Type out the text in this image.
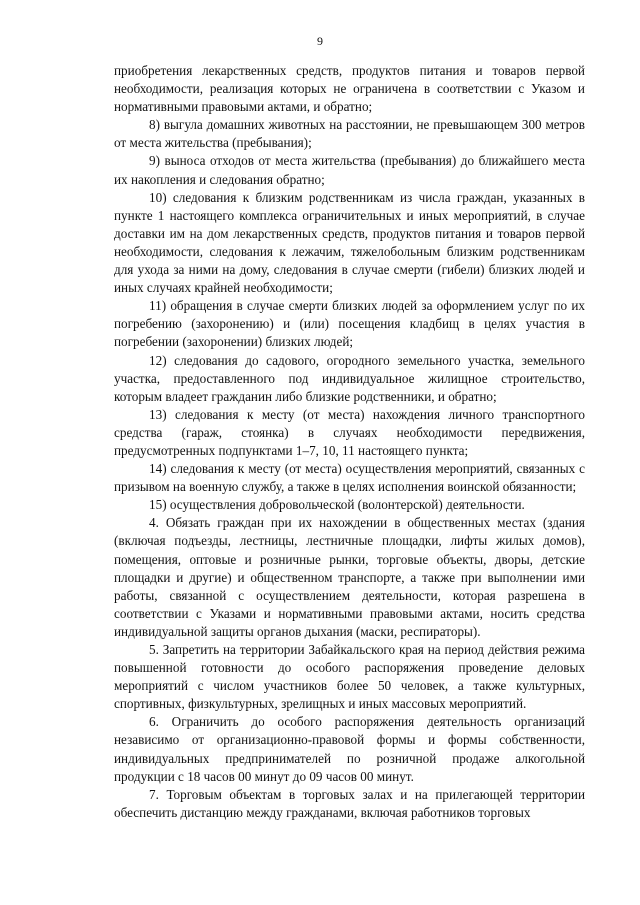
9

приобретения лекарственных средств, продуктов питания и товаров первой необходимости, реализация которых не ограничена в соответствии с Указом и нормативными правовыми актами, и обратно;

8) выгула домашних животных на расстоянии, не превышающем 300 метров от места жительства (пребывания);

9) выноса отходов от места жительства (пребывания) до ближайшего места их накопления и следования обратно;

10) следования к близким родственникам из числа граждан, указанных в пункте 1 настоящего комплекса ограничительных и иных мероприятий, в случае доставки им на дом лекарственных средств, продуктов питания и товаров первой необходимости, следования к лежачим, тяжелобольным близким родственникам для ухода за ними на дому, следования в случае смерти (гибели) близких людей и иных случаях крайней необходимости;

11) обращения в случае смерти близких людей за оформлением услуг по их погребению (захоронению) и (или) посещения кладбищ в целях участия в погребении (захоронении) близких людей;

12) следования до садового, огородного земельного участка, земельного участка, предоставленного под индивидуальное жилищное строительство, которым владеет гражданин либо близкие родственники, и обратно;

13) следования к месту (от места) нахождения личного транспортного средства (гараж, стоянка) в случаях необходимости передвижения, предусмотренных подпунктами 1–7, 10, 11 настоящего пункта;

14) следования к месту (от места) осуществления мероприятий, связанных с призывом на военную службу, а также в целях исполнения воинской обязанности;

15) осуществления добровольческой (волонтерской) деятельности.

4. Обязать граждан при их нахождении в общественных местах (здания (включая подъезды, лестницы, лестничные площадки, лифты жилых домов), помещения, оптовые и розничные рынки, торговые объекты, дворы, детские площадки и другие) и общественном транспорте, а также при выполнении ими работы, связанной с осуществлением деятельности, которая разрешена в соответствии с Указами и нормативными правовыми актами, носить средства индивидуальной защиты органов дыхания (маски, респираторы).

5. Запретить на территории Забайкальского края на период действия режима повышенной готовности до особого распоряжения проведение деловых мероприятий с числом участников более 50 человек, а также культурных, спортивных, физкультурных, зрелищных и иных массовых мероприятий.

6. Ограничить до особого распоряжения деятельность организаций независимо от организационно-правовой формы и формы собственности, индивидуальных предпринимателей по розничной продаже алкогольной продукции с 18 часов 00 минут до 09 часов 00 минут.

7. Торговым объектам в торговых залах и на прилегающей территории обеспечить дистанцию между гражданами, включая работников торговых
